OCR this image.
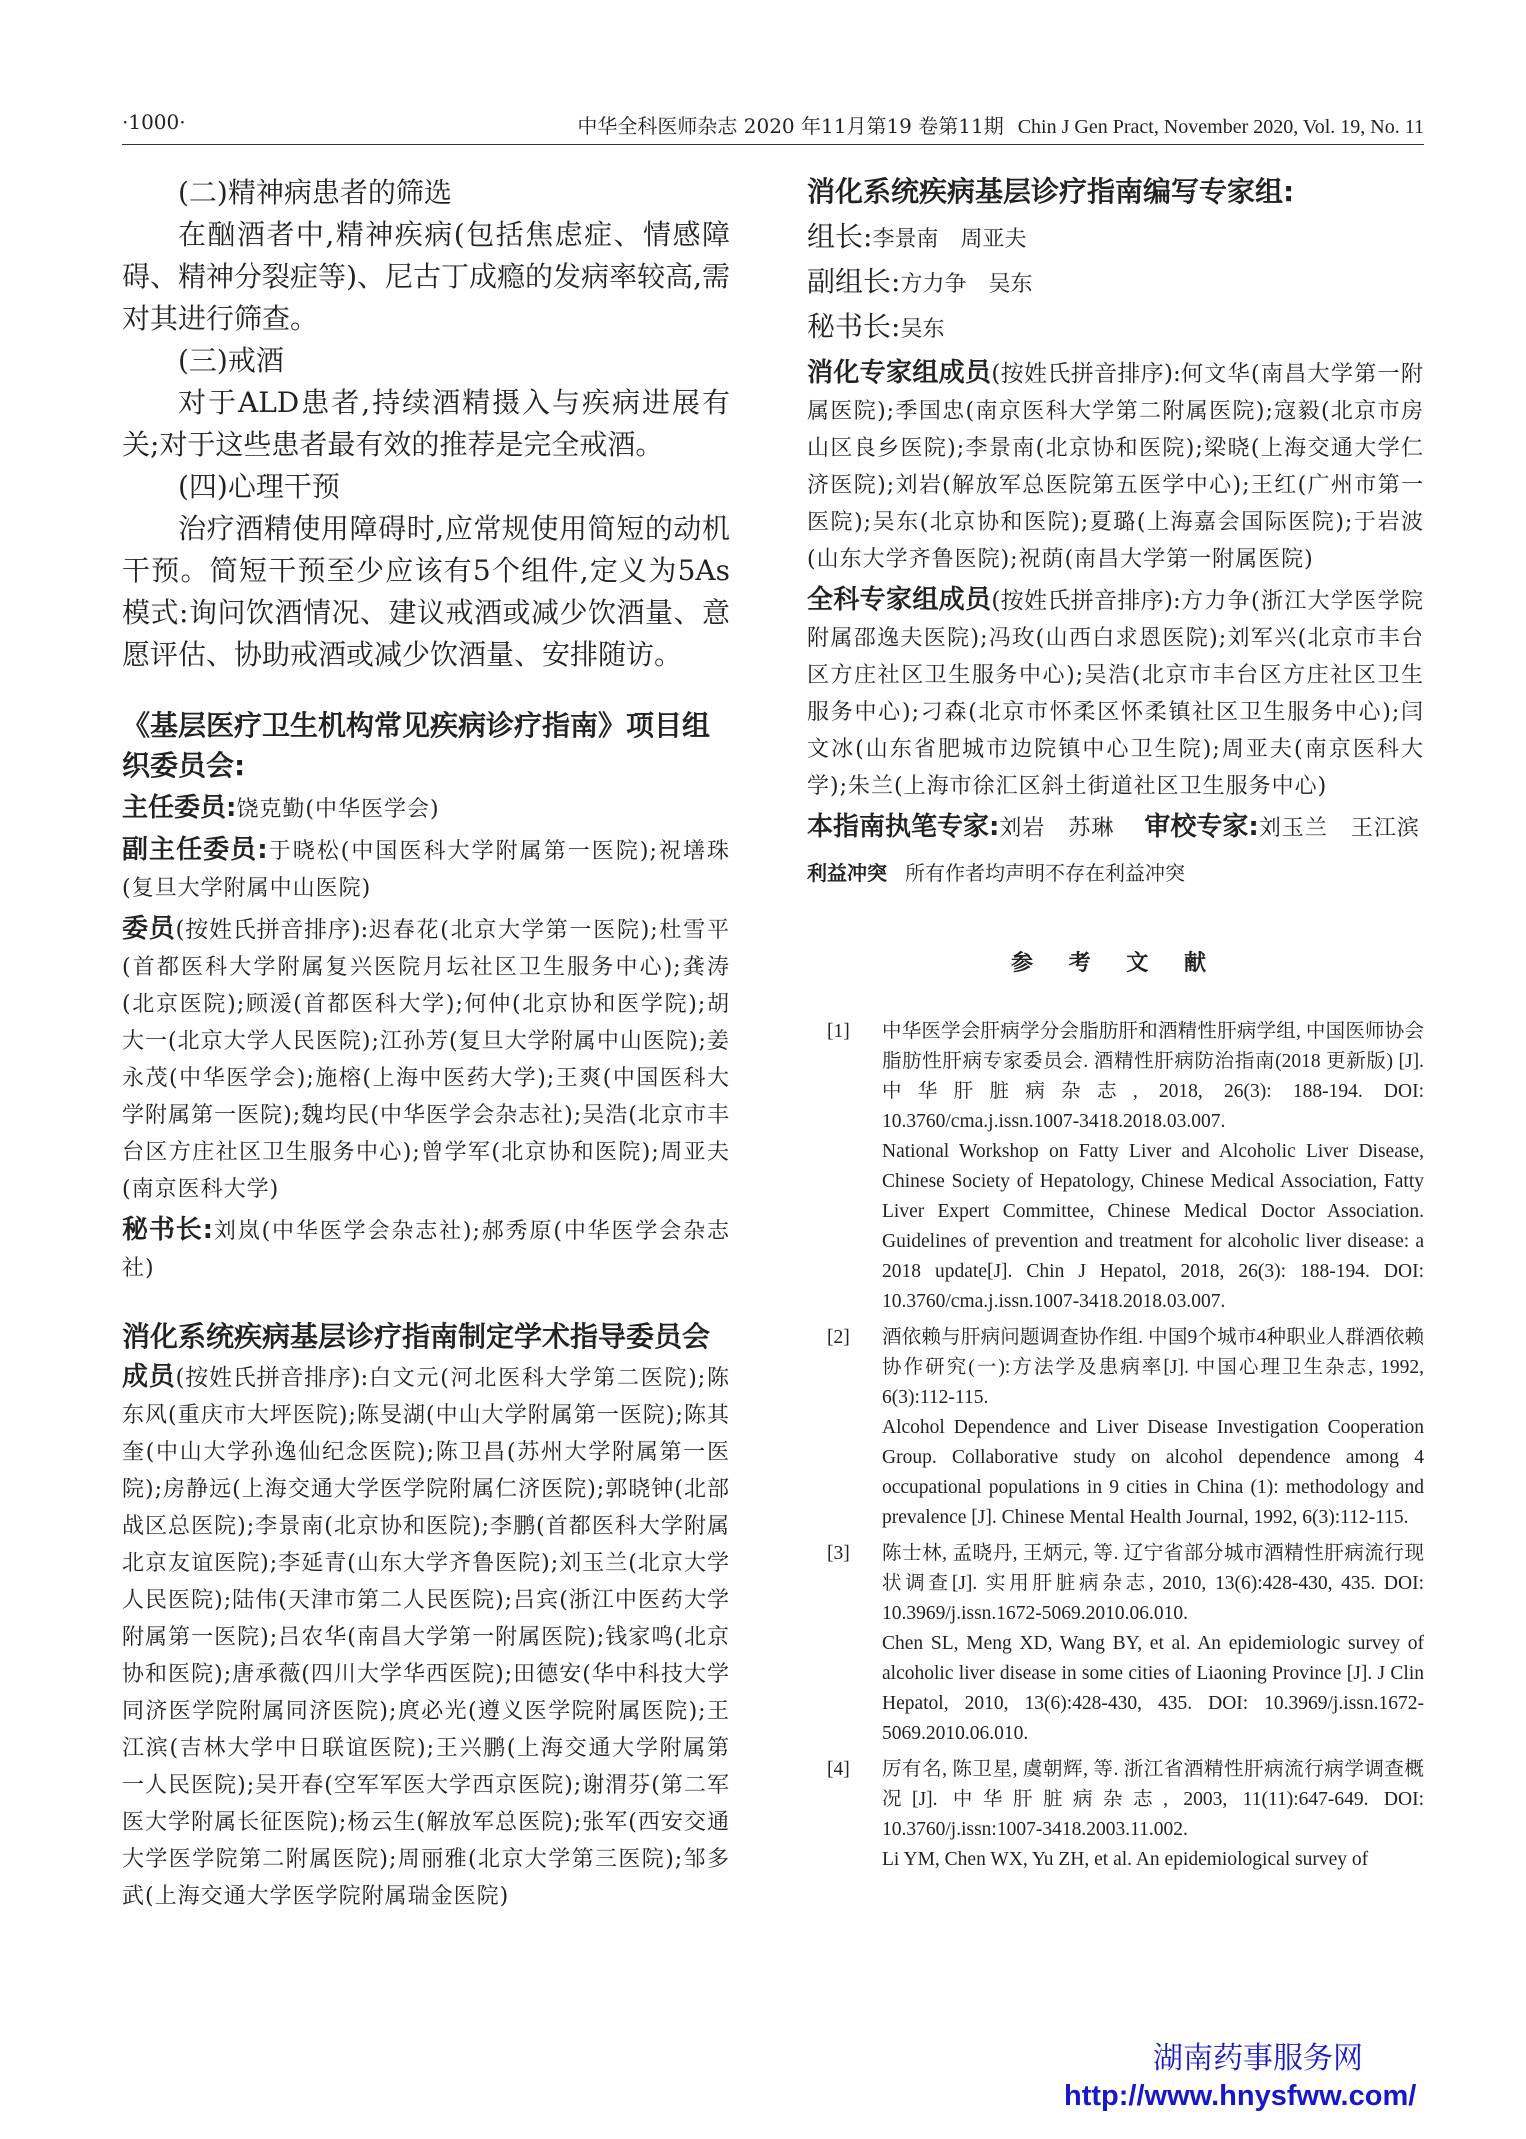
·1000·	中华全科医师杂志 2020 年11月第19 卷第11期 Chin J Gen Pract, November 2020, Vol. 19, No. 11

(二)精神病患者的筛选

在酗酒者中,精神疾病(包括焦虑症、情感障碍、精神分裂症等)、尼古丁成瘾的发病率较高,需对其进行筛查。

(三)戒酒

对于ALD患者,持续酒精摄入与疾病进展有关;对于这些患者最有效的推荐是完全戒酒。

(四)心理干预

治疗酒精使用障碍时,应常规使用简短的动机干预。简短干预至少应该有5个组件,定义为5As模式:询问饮酒情况、建议戒酒或减少饮酒量、意愿评估、协助戒酒或减少饮酒量、安排随访。

《基层医疗卫生机构常见疾病诊疗指南》项目组织委员会:

主任委员:饶克勤(中华医学会)

副主任委员:于晓松(中国医科大学附属第一医院);祝墡珠(复旦大学附属中山医院)

委员(按姓氏拼音排序):迟春花(北京大学第一医院);杜雪平(首都医科大学附属复兴医院月坛社区卫生服务中心);龚涛(北京医院);顾湲(首都医科大学);何仲(北京协和医学院);胡大一(北京大学人民医院);江孙芳(复旦大学附属中山医院);姜永茂(中华医学会);施榕(上海中医药大学);王爽(中国医科大学附属第一医院);魏均民(中华医学会杂志社);吴浩(北京市丰台区方庄社区卫生服务中心);曾学军(北京协和医院);周亚夫(南京医科大学)

秘书长:刘岚(中华医学会杂志社);郝秀原(中华医学会杂志社)

消化系统疾病基层诊疗指南制定学术指导委员会

成员(按姓氏拼音排序):白文元(河北医科大学第二医院);陈东风(重庆市大坪医院);陈旻湖(中山大学附属第一医院);陈其奎(中山大学孙逸仙纪念医院);陈卫昌(苏州大学附属第一医院);房静远(上海交通大学医学院附属仁济医院);郭晓钟(北部战区总医院);李景南(北京协和医院);李鹏(首都医科大学附属北京友谊医院);李延青(山东大学齐鲁医院);刘玉兰(北京大学人民医院);陆伟(天津市第二人民医院);吕宾(浙江中医药大学附属第一医院);吕农华(南昌大学第一附属医院);钱家鸣(北京协和医院);唐承薇(四川大学华西医院);田德安(华中科技大学同济医学院附属同济医院);庹必光(遵义医学院附属医院);王江滨(吉林大学中日联谊医院);王兴鹏(上海交通大学附属第一人民医院);吴开春(空军军医大学西京医院);谢渭芬(第二军医大学附属长征医院);杨云生(解放军总医院);张军(西安交通大学医学院第二附属医院);周丽雅(北京大学第三医院);邹多武(上海交通大学医学院附属瑞金医院)

消化系统疾病基层诊疗指南编写专家组:

组长:李景南　周亚夫

副组长:方力争　吴东

秘书长:吴东

消化专家组成员(按姓氏拼音排序):何文华(南昌大学第一附属医院);季国忠(南京医科大学第二附属医院);寇毅(北京市房山区良乡医院);李景南(北京协和医院);梁晓(上海交通大学仁济医院);刘岩(解放军总医院第五医学中心);王红(广州市第一医院);吴东(北京协和医院);夏璐(上海嘉会国际医院);于岩波(山东大学齐鲁医院);祝荫(南昌大学第一附属医院)

全科专家组成员(按姓氏拼音排序):方力争(浙江大学医学院附属邵逸夫医院);冯玫(山西白求恩医院);刘军兴(北京市丰台区方庄社区卫生服务中心);吴浩(北京市丰台区方庄社区卫生服务中心);刁森(北京市怀柔区怀柔镇社区卫生服务中心);闫文冰(山东省肥城市边院镇中心卫生院);周亚夫(南京医科大学);朱兰(上海市徐汇区斜土街道社区卫生服务中心)

本指南执笔专家:刘岩　苏琳 审校专家:刘玉兰　王江滨

利益冲突 所有作者均声明不存在利益冲突

参 考 文 献

[1] 中华医学会肝病学分会脂肪肝和酒精性肝病学组, 中国医师协会脂肪性肝病专家委员会. 酒精性肝病防治指南(2018 更新版) [J]. 中华肝脏病杂志, 2018, 26(3): 188-194. DOI: 10.3760/cma.j.issn.1007-3418.2018.03.007.
National Workshop on Fatty Liver and Alcoholic Liver Disease, Chinese Society of Hepatology, Chinese Medical Association, Fatty Liver Expert Committee, Chinese Medical Doctor Association. Guidelines of prevention and treatment for alcoholic liver disease: a 2018 update[J]. Chin J Hepatol, 2018, 26(3): 188-194. DOI: 10.3760/cma.j.issn.1007-3418.2018.03.007.

[2] 酒依赖与肝病问题调查协作组. 中国9个城市4种职业人群酒依赖协作研究(一):方法学及患病率[J]. 中国心理卫生杂志, 1992, 6(3):112-115.
Alcohol Dependence and Liver Disease Investigation Cooperation Group. Collaborative study on alcohol dependence among 4 occupational populations in 9 cities in China (1): methodology and prevalence [J]. Chinese Mental Health Journal, 1992, 6(3):112-115.

[3] 陈士林, 孟晓丹, 王炳元, 等. 辽宁省部分城市酒精性肝病流行现状调查[J]. 实用肝脏病杂志, 2010, 13(6):428-430, 435. DOI: 10.3969/j.issn.1672-5069.2010.06.010.
Chen SL, Meng XD, Wang BY, et al. An epidemiologic survey of alcoholic liver disease in some cities of Liaoning Province [J]. J Clin Hepatol, 2010, 13(6):428-430, 435. DOI: 10.3969/j.issn.1672-5069.2010.06.010.

[4] 厉有名, 陈卫星, 虞朝辉, 等. 浙江省酒精性肝病流行病学调查概况[J]. 中华肝脏病杂志, 2003, 11(11):647-649. DOI: 10.3760/j.issn:1007-3418.2003.11.002.
Li YM, Chen WX, Yu ZH, et al. An epidemiological survey of

湖南药事服务网
http://www.hnysfww.com/
